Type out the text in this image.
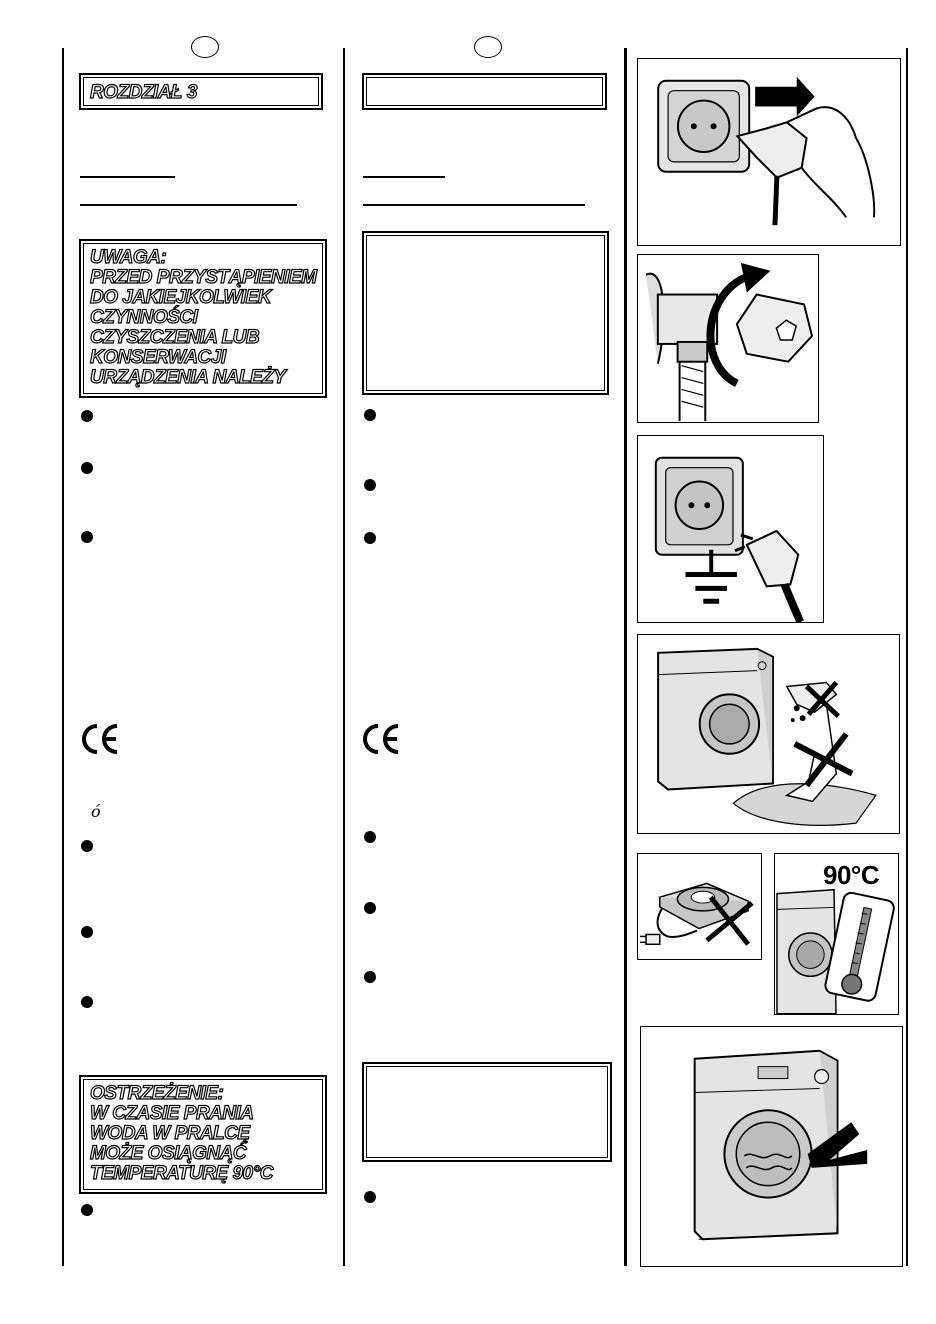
ROZDZIAŁ 3
UWAGA:
PRZED PRZYSTĄPIENIEM
DO JAKIEJKOLWIEK
CZYNNOŚCI
CZYSZCZENIA LUB
KONSERWACJI
URZĄDZENIA NALEŻY
ó
OSTRZEŻENIE:
W CZASIE PRANIA
WODA W PRALCĘ
MOŻE OSIĄGNĄĆ
TEMPERATURĘ 90°C
90°C
